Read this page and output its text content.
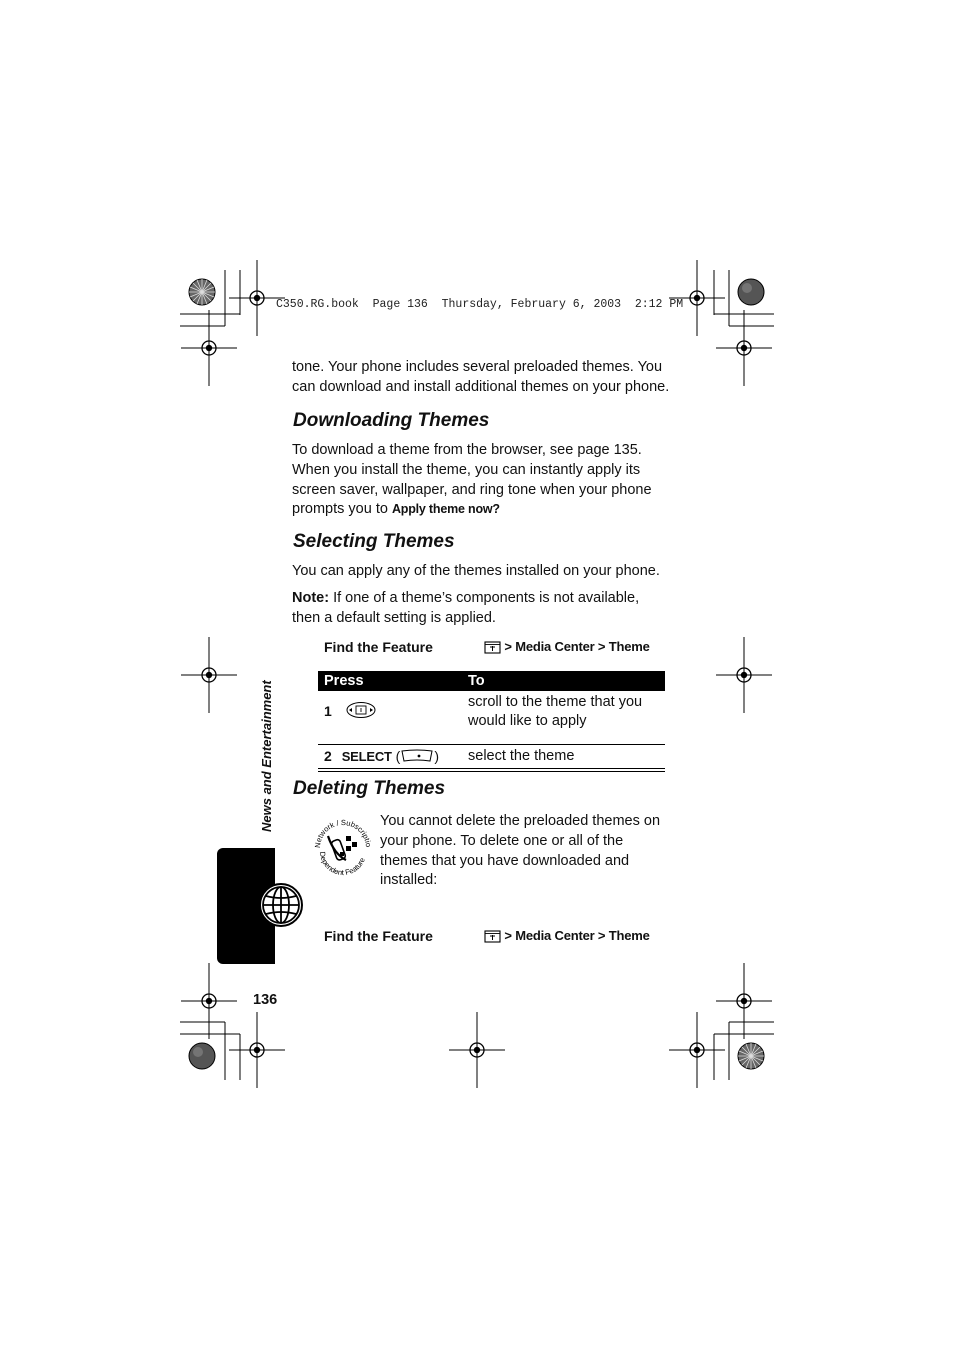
C350.RG.book  Page 136  Thursday, February 6, 2003  2:12 PM
tone. Your phone includes several preloaded themes. You
can download and install additional themes on your phone.
Downloading Themes
To download a theme from the browser, see page 135.
When you install the theme, you can instantly apply its
screen saver, wallpaper, and ring tone when your phone
prompts you to Apply theme now?
Selecting Themes
You can apply any of the themes installed on your phone.
Note: If one of a theme’s components is not available,
then a default setting is applied.
Find the Feature	> Media Center > Theme
Press	To
1	scroll to the theme that you
would like to apply

2 SELECT ( )	select the theme
Deleting Themes
Network / Subscriptio
Dependent Feature
You cannot delete the preloaded themes on
your phone. To delete one or all of the
themes that you have downloaded and
installed:
Find the Feature	> Media Center > Theme
News and Entertainment
136
